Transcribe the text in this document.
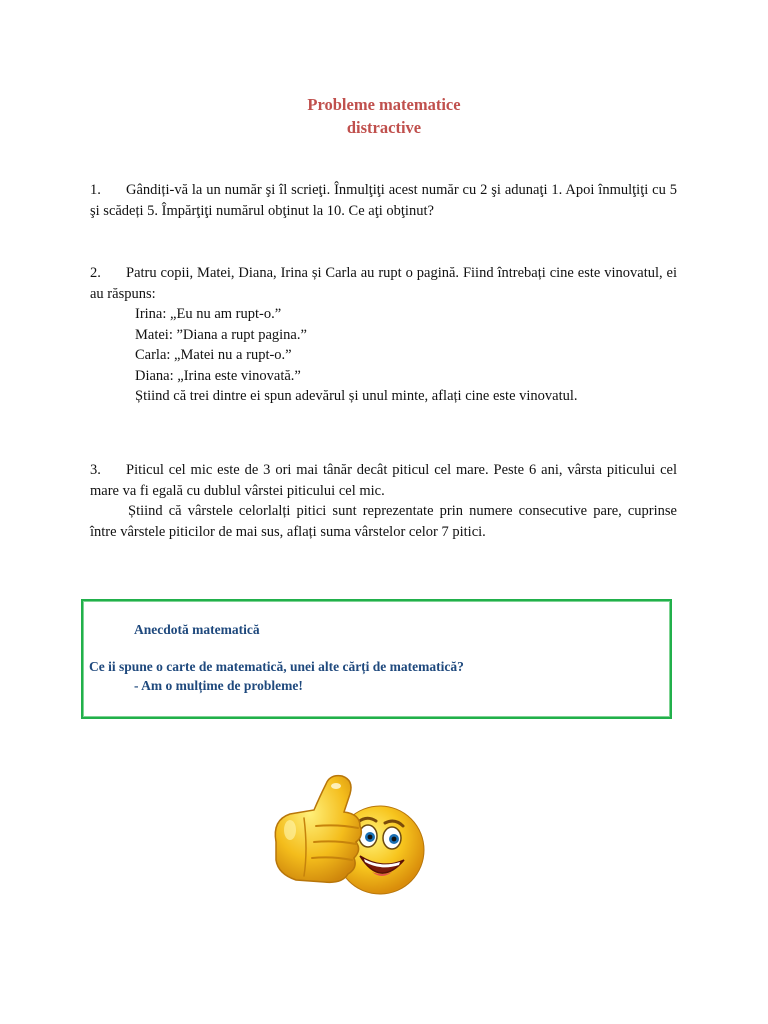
Probleme matematice
distractive

1. Gândiți-vă la un număr şi îl scrieţi. Înmulţiţi acest număr cu 2 şi adunaţi 1. Apoi înmulţiţi cu 5 şi scădeți 5. Împărţiţi numărul obţinut la 10. Ce aţi obţinut?

2. Patru copii, Matei, Diana, Irina și Carla au rupt o pagină. Fiind întrebați cine este vinovatul, ei au răspuns:

Irina: „Eu nu am rupt-o.”

Matei: ”Diana a rupt pagina.”

Carla: „Matei nu a rupt-o.”

Diana: „Irina este vinovată.”

Știind că trei dintre ei spun adevărul și unul minte, aflați cine este vinovatul.

3. Piticul cel mic este de 3 ori mai tânăr decât piticul cel mare. Peste 6 ani, vârsta piticului cel mare va fi egală cu dublul vârstei piticului cel mic.

Știind că vârstele celorlalți pitici sunt reprezentate prin numere consecutive pare, cuprinse între vârstele piticilor de mai sus, aflați suma vârstelor celor 7 pitici.

Anecdotă matematică
Ce ii spune o carte de matematică, unei alte cărți de matematică?
- Am o mulțime de probleme!
